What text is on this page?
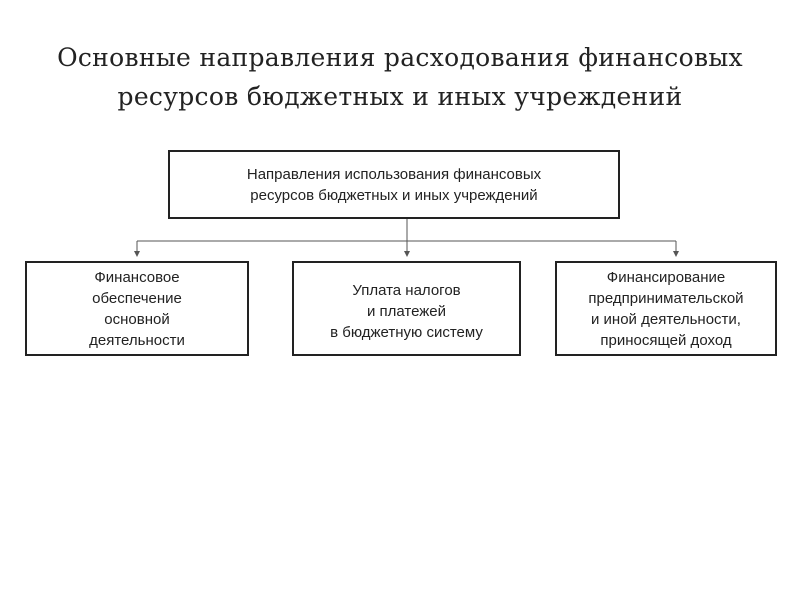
Основные направления расходования финансовых
ресурсов бюджетных и иных учреждений
Направления использования финансовых
ресурсов бюджетных и иных учреждений
Финансовое
обеспечение
основной
деятельности
Уплата налогов
и платежей
в бюджетную систему
Финансирование
предпринимательской
и иной деятельности,
приносящей доход
